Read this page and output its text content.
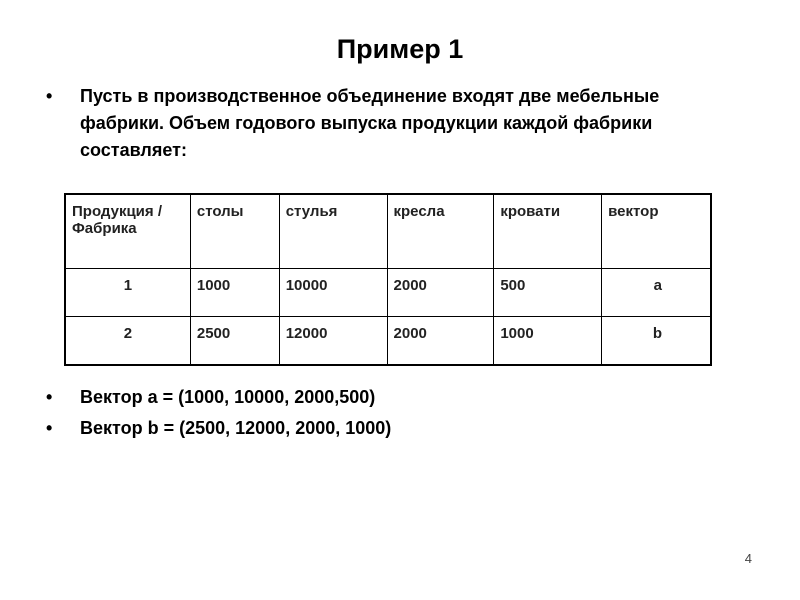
Пример 1
• Пусть в производственное объединение входят две мебельные фабрики. Объем годового выпуска продукции каждой фабрики составляет:
Продукция /Фабрика	столы	стулья	кресла	кровати	вектор
1	1000	10000	2000	500	a
2	2500	12000	2000	1000	b
• Вектор a = (1000, 10000, 2000,500)
• Вектор b = (2500, 12000, 2000, 1000)
4
